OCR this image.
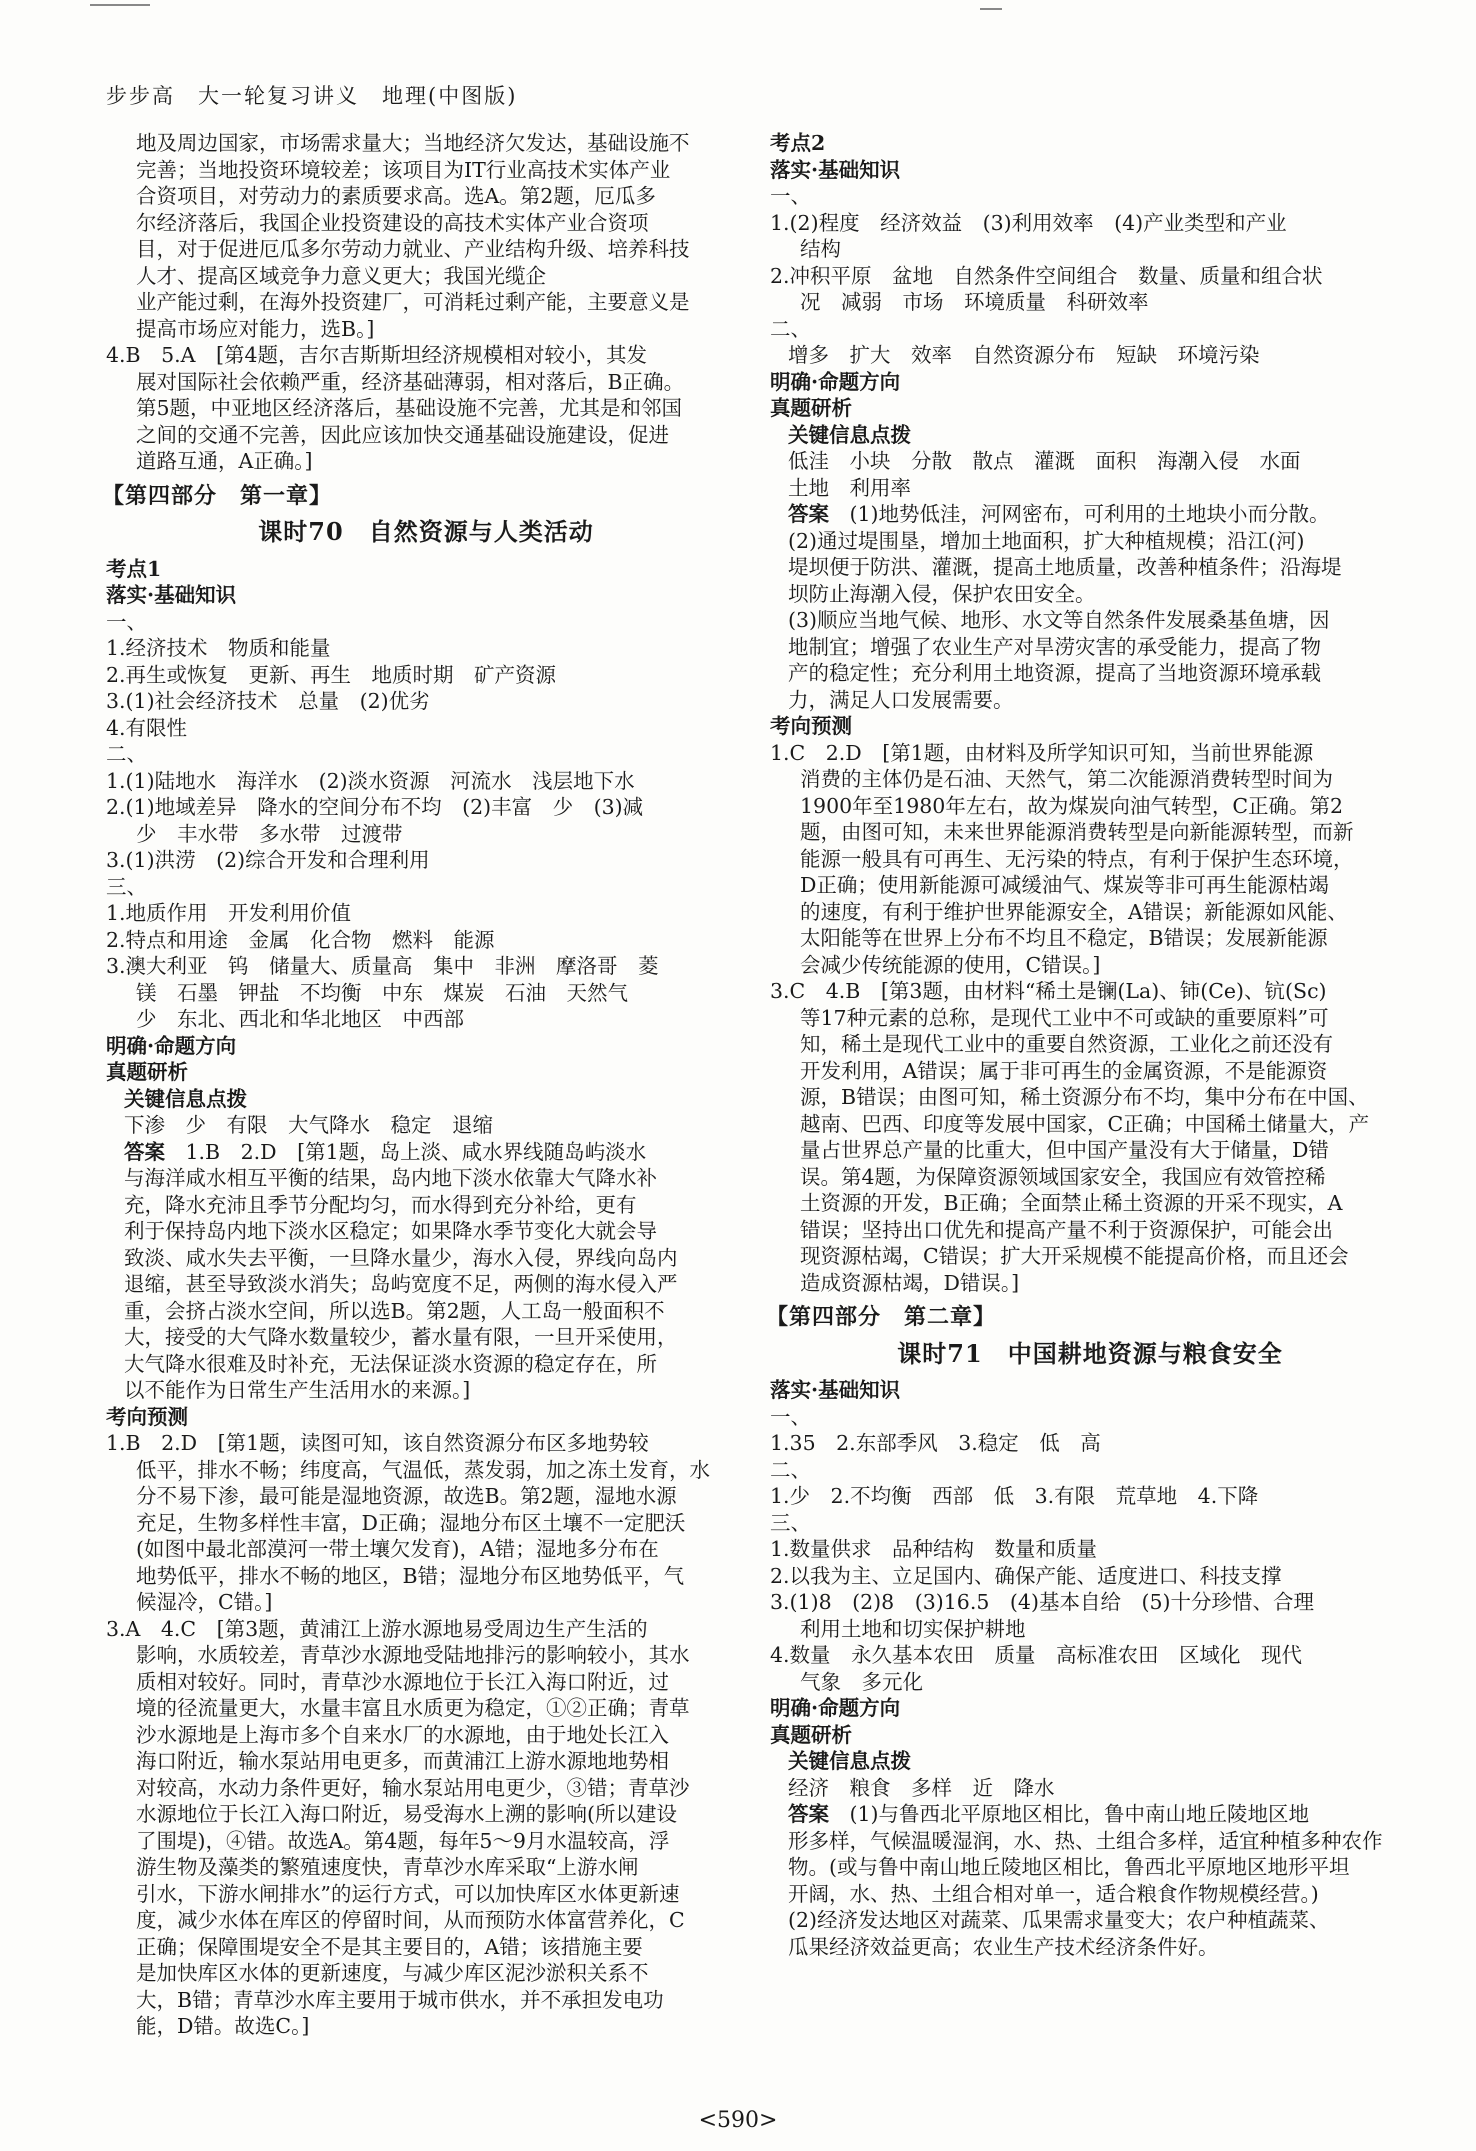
步步高　大一轮复习讲义　地理(中图版)

地及周边国家，市场需求量大；当地经济欠发达，基础设施不

完善；当地投资环境较差；该项目为IT行业高技术实体产业

合资项目，对劳动力的素质要求高。选A。第2题，厄瓜多

尔经济落后，我国企业投资建设的高技术实体产业合资项

目，对于促进厄瓜多尔劳动力就业、产业结构升级、培养科技

人才、提高区域竞争力意义更大；我国光缆企

业产能过剩，在海外投资建厂，可消耗过剩产能，主要意义是

提高市场应对能力，选B。]

4.B　5.A　[第4题，吉尔吉斯斯坦经济规模相对较小，其发

展对国际社会依赖严重，经济基础薄弱，相对落后，B正确。

第5题，中亚地区经济落后，基础设施不完善，尤其是和邻国

之间的交通不完善，因此应该加快交通基础设施建设，促进

道路互通，A正确。]

【第四部分　第一章】

课时70　自然资源与人类活动

考点1

落实·基础知识

一、

1.经济技术　物质和能量

2.再生或恢复　更新、再生　地质时期　矿产资源

3.(1)社会经济技术　总量　(2)优劣

4.有限性

二、

1.(1)陆地水　海洋水　(2)淡水资源　河流水　浅层地下水

2.(1)地域差异　降水的空间分布不均　(2)丰富　少　(3)减

少　丰水带　多水带　过渡带

3.(1)洪涝　(2)综合开发和合理利用

三、

1.地质作用　开发利用价值

2.特点和用途　金属　化合物　燃料　能源

3.澳大利亚　钨　储量大、质量高　集中　非洲　摩洛哥　菱

镁　石墨　钾盐　不均衡　中东　煤炭　石油　天然气

少　东北、西北和华北地区　中西部

明确·命题方向

真题研析

关键信息点拨

下渗　少　有限　大气降水　稳定　退缩

答案　 1.B　2.D　[第1题，岛上淡、咸水界线随岛屿淡水

与海洋咸水相互平衡的结果，岛内地下淡水依靠大气降水补

充，降水充沛且季节分配均匀，而水得到充分补给，更有

利于保持岛内地下淡水区稳定；如果降水季节变化大就会导

致淡、咸水失去平衡，一旦降水量少，海水入侵，界线向岛内

退缩，甚至导致淡水消失；岛屿宽度不足，两侧的海水侵入严

重，会挤占淡水空间，所以选B。第2题，人工岛一般面积不

大，接受的大气降水数量较少，蓄水量有限，一旦开采使用，

大气降水很难及时补充，无法保证淡水资源的稳定存在，所

以不能作为日常生产生活用水的来源。]

考向预测

1.B　2.D　[第1题，读图可知，该自然资源分布区多地势较

低平，排水不畅；纬度高，气温低，蒸发弱，加之冻土发育，水

分不易下渗，最可能是湿地资源，故选B。第2题，湿地水源

充足，生物多样性丰富，D正确；湿地分布区土壤不一定肥沃

(如图中最北部漠河一带土壤欠发育)，A错；湿地多分布在

地势低平，排水不畅的地区，B错；湿地分布区地势低平，气

候湿冷，C错。]

3.A　4.C　[第3题，黄浦江上游水源地易受周边生产生活的

影响，水质较差，青草沙水源地受陆地排污的影响较小，其水

质相对较好。同时，青草沙水源地位于长江入海口附近，过

境的径流量更大，水量丰富且水质更为稳定，①②正确；青草

沙水源地是上海市多个自来水厂的水源地，由于地处长江入

海口附近，输水泵站用电更多，而黄浦江上游水源地地势相

对较高，水动力条件更好，输水泵站用电更少，③错；青草沙

水源地位于长江入海口附近，易受海水上溯的影响(所以建设

了围堤)，④错。故选A。第4题，每年5～9月水温较高，浮

游生物及藻类的繁殖速度快，青草沙水库采取“上游水闸

引水，下游水闸排水”的运行方式，可以加快库区水体更新速

度，减少水体在库区的停留时间，从而预防水体富营养化，C

正确；保障围堤安全不是其主要目的，A错；该措施主要

是加快库区水体的更新速度，与减少库区泥沙淤积关系不

大，B错；青草沙水库主要用于城市供水，并不承担发电功

能，D错。故选C。]

考点2

落实·基础知识

一、

1.(2)程度　经济效益　(3)利用效率　(4)产业类型和产业

结构

2.冲积平原　盆地　自然条件空间组合　数量、质量和组合状

况　减弱　市场　环境质量　科研效率

二、

增多　扩大　效率　自然资源分布　短缺　环境污染

明确·命题方向

真题研析

关键信息点拨

低洼　小块　分散　散点　灌溉　面积　海潮入侵　水面

土地　利用率

答案　 (1)地势低洼，河网密布，可利用的土地块小而分散。

(2)通过堤围垦，增加土地面积，扩大种植规模；沿江(河)

堤坝便于防洪、灌溉，提高土地质量，改善种植条件；沿海堤

坝防止海潮入侵，保护农田安全。

(3)顺应当地气候、地形、水文等自然条件发展桑基鱼塘，因

地制宜；增强了农业生产对旱涝灾害的承受能力，提高了物

产的稳定性；充分利用土地资源，提高了当地资源环境承载

力，满足人口发展需要。

考向预测

1.C　2.D　[第1题，由材料及所学知识可知，当前世界能源

消费的主体仍是石油、天然气，第二次能源消费转型时间为

1900年至1980年左右，故为煤炭向油气转型，C正确。第2

题，由图可知，未来世界能源消费转型是向新能源转型，而新

能源一般具有可再生、无污染的特点，有利于保护生态环境，

D正确；使用新能源可减缓油气、煤炭等非可再生能源枯竭

的速度，有利于维护世界能源安全，A错误；新能源如风能、

太阳能等在世界上分布不均且不稳定，B错误；发展新能源

会减少传统能源的使用，C错误。]

3.C　4.B　[第3题，由材料“稀土是镧(La)、铈(Ce)、钪(Sc)

等17种元素的总称，是现代工业中不可或缺的重要原料”可

知，稀土是现代工业中的重要自然资源，工业化之前还没有

开发利用，A错误；属于非可再生的金属资源，不是能源资

源，B错误；由图可知，稀土资源分布不均，集中分布在中国、

越南、巴西、印度等发展中国家，C正确；中国稀土储量大，产

量占世界总产量的比重大，但中国产量没有大于储量，D错

误。第4题，为保障资源领域国家安全，我国应有效管控稀

土资源的开发，B正确；全面禁止稀土资源的开采不现实，A

错误；坚持出口优先和提高产量不利于资源保护，可能会出

现资源枯竭，C错误；扩大开采规模不能提高价格，而且还会

造成资源枯竭，D错误。]

【第四部分　第二章】

课时71　中国耕地资源与粮食安全

落实·基础知识

一、

1.35　2.东部季风　3.稳定　低　高

二、

1.少　2.不均衡　西部　低　3.有限　荒草地　4.下降

三、

1.数量供求　品种结构　数量和质量

2.以我为主、立足国内、确保产能、适度进口、科技支撑

3.(1)8　(2)8　(3)16.5　(4)基本自给　(5)十分珍惜、合理

利用土地和切实保护耕地

4.数量　永久基本农田　质量　高标准农田　区域化　现代

气象　多元化

明确·命题方向

真题研析

关键信息点拨

经济　粮食　多样　近　降水

答案　 (1)与鲁西北平原地区相比，鲁中南山地丘陵地区地

形多样，气候温暖湿润，水、热、土组合多样，适宜种植多种农作

物。(或与鲁中南山地丘陵地区相比，鲁西北平原地区地形平坦

开阔，水、热、土组合相对单一，适合粮食作物规模经营。)

(2)经济发达地区对蔬菜、瓜果需求量变大；农户种植蔬菜、

瓜果经济效益更高；农业生产技术经济条件好。

<590>
